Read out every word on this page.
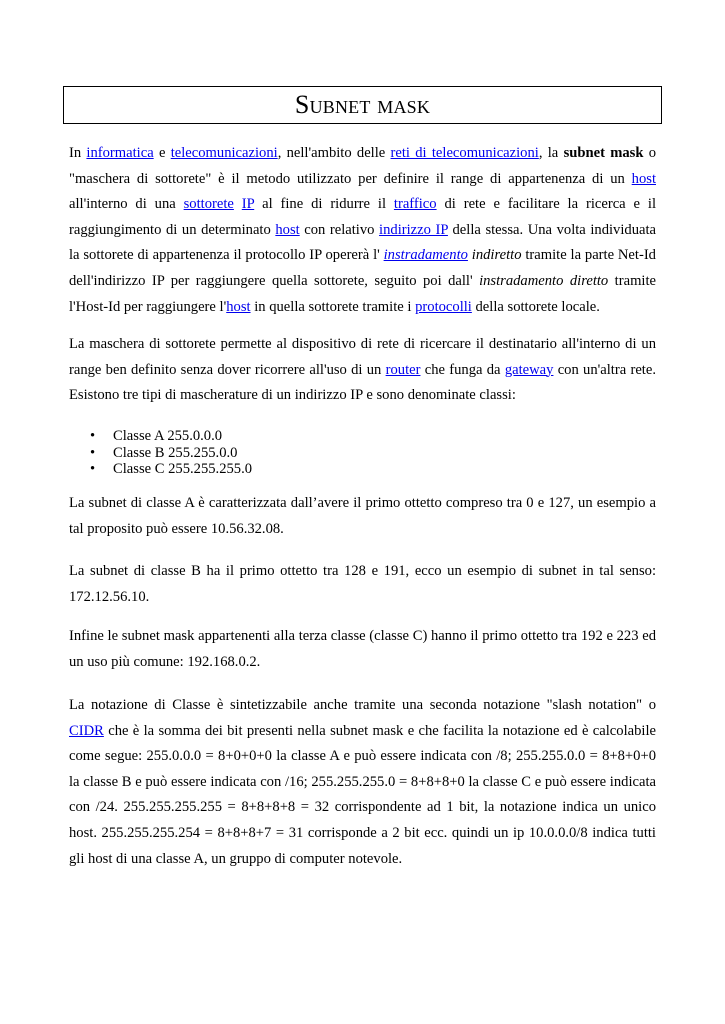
Subnet mask

In informatica e telecomunicazioni, nell'ambito delle reti di telecomunicazioni, la subnet mask o "maschera di sottorete" è il metodo utilizzato per definire il range di appartenenza di un host all'interno di una sottorete IP al fine di ridurre il traffico di rete e facilitare la ricerca e il raggiungimento di un determinato host con relativo indirizzo IP della stessa. Una volta individuata la sottorete di appartenenza il protocollo IP opererà l' instradamento indiretto tramite la parte Net-Id dell'indirizzo IP per raggiungere quella sottorete, seguito poi dall' instradamento diretto tramite l'Host-Id per raggiungere l'host in quella sottorete tramite i protocolli della sottorete locale.

La maschera di sottorete permette al dispositivo di rete di ricercare il destinatario all'interno di un range ben definito senza dover ricorrere all'uso di un router che funga da gateway con un'altra rete. Esistono tre tipi di mascherature di un indirizzo IP e sono denominate classi:

• Classe A 255.0.0.0
• Classe B 255.255.0.0
• Classe C 255.255.255.0

La subnet di classe A è caratterizzata dall’avere il primo ottetto compreso tra 0 e 127, un esempio a tal proposito può essere 10.56.32.08.

La subnet di classe B ha il primo ottetto tra 128 e 191, ecco un esempio di subnet in tal senso: 172.12.56.10.

Infine le subnet mask appartenenti alla terza classe (classe C) hanno il primo ottetto tra 192 e 223 ed un uso più comune: 192.168.0.2.

La notazione di Classe è sintetizzabile anche tramite una seconda notazione "slash notation" o CIDR che è la somma dei bit presenti nella subnet mask e che facilita la notazione ed è calcolabile come segue: 255.0.0.0 = 8+0+0+0 la classe A e può essere indicata con /8; 255.255.0.0 = 8+8+0+0 la classe B e può essere indicata con /16; 255.255.255.0 = 8+8+8+0 la classe C e può essere indicata con /24. 255.255.255.255 = 8+8+8+8 = 32 corrispondente ad 1 bit, la notazione indica un unico host. 255.255.255.254 = 8+8+8+7 = 31 corrisponde a 2 bit ecc. quindi un ip 10.0.0.0/8 indica tutti gli host di una classe A, un gruppo di computer notevole.
